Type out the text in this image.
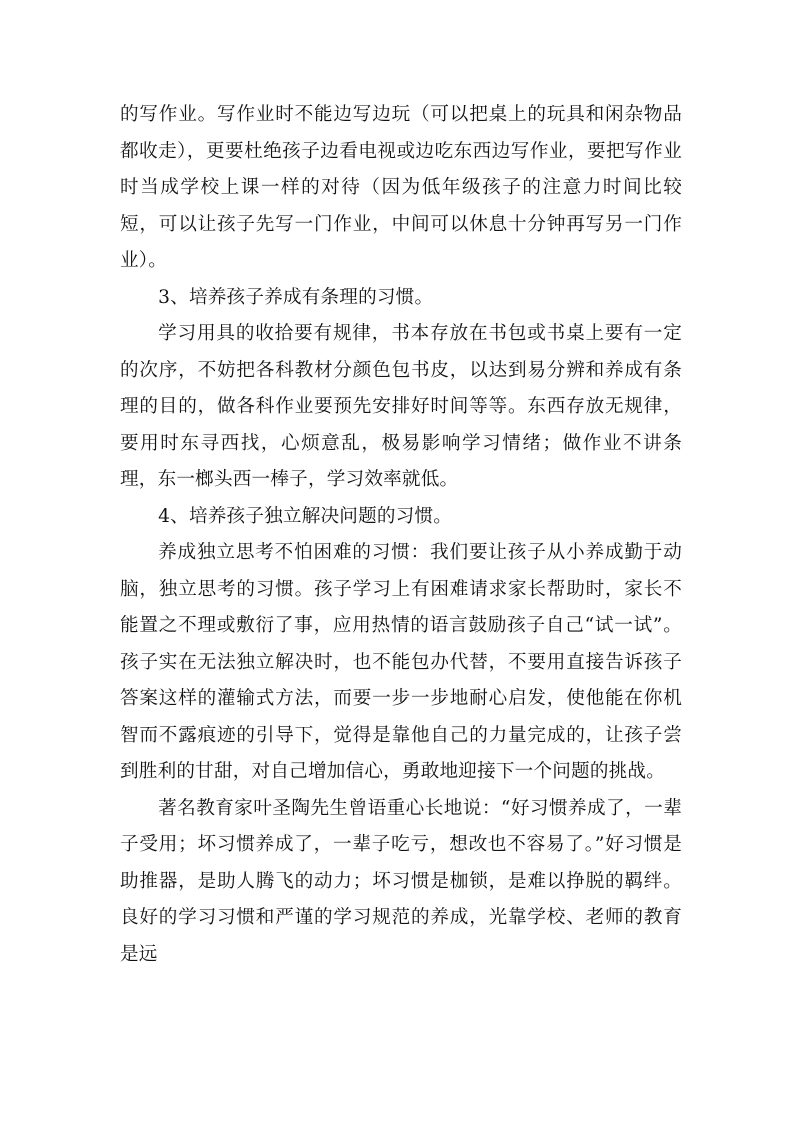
的写作业。写作业时不能边写边玩（可以把桌上的玩具和闲杂物品都收走），更要杜绝孩子边看电视或边吃东西边写作业，要把写作业时当成学校上课一样的对待（因为低年级孩子的注意力时间比较短，可以让孩子先写一门作业，中间可以休息十分钟再写另一门作业）。

3、培养孩子养成有条理的习惯。

学习用具的收拾要有规律，书本存放在书包或书桌上要有一定的次序，不妨把各科教材分颜色包书皮，以达到易分辨和养成有条理的目的，做各科作业要预先安排好时间等等。东西存放无规律，要用时东寻西找，心烦意乱，极易影响学习情绪；做作业不讲条理，东一榔头西一棒子，学习效率就低。

4、培养孩子独立解决问题的习惯。

养成独立思考不怕困难的习惯：我们要让孩子从小养成勤于动脑，独立思考的习惯。孩子学习上有困难请求家长帮助时，家长不能置之不理或敷衍了事，应用热情的语言鼓励孩子自己“试一试”。孩子实在无法独立解决时，也不能包办代替，不要用直接告诉孩子答案这样的灌输式方法，而要一步一步地耐心启发，使他能在你机智而不露痕迹的引导下，觉得是靠他自己的力量完成的，让孩子尝到胜利的甘甜，对自己增加信心，勇敢地迎接下一个问题的挑战。

著名教育家叶圣陶先生曾语重心长地说：“好习惯养成了，一辈子受用；坏习惯养成了，一辈子吃亏，想改也不容易了。”好习惯是助推器，是助人腾飞的动力；坏习惯是枷锁，是难以挣脱的羁绊。良好的学习习惯和严谨的学习规范的养成，光靠学校、老师的教育是远
